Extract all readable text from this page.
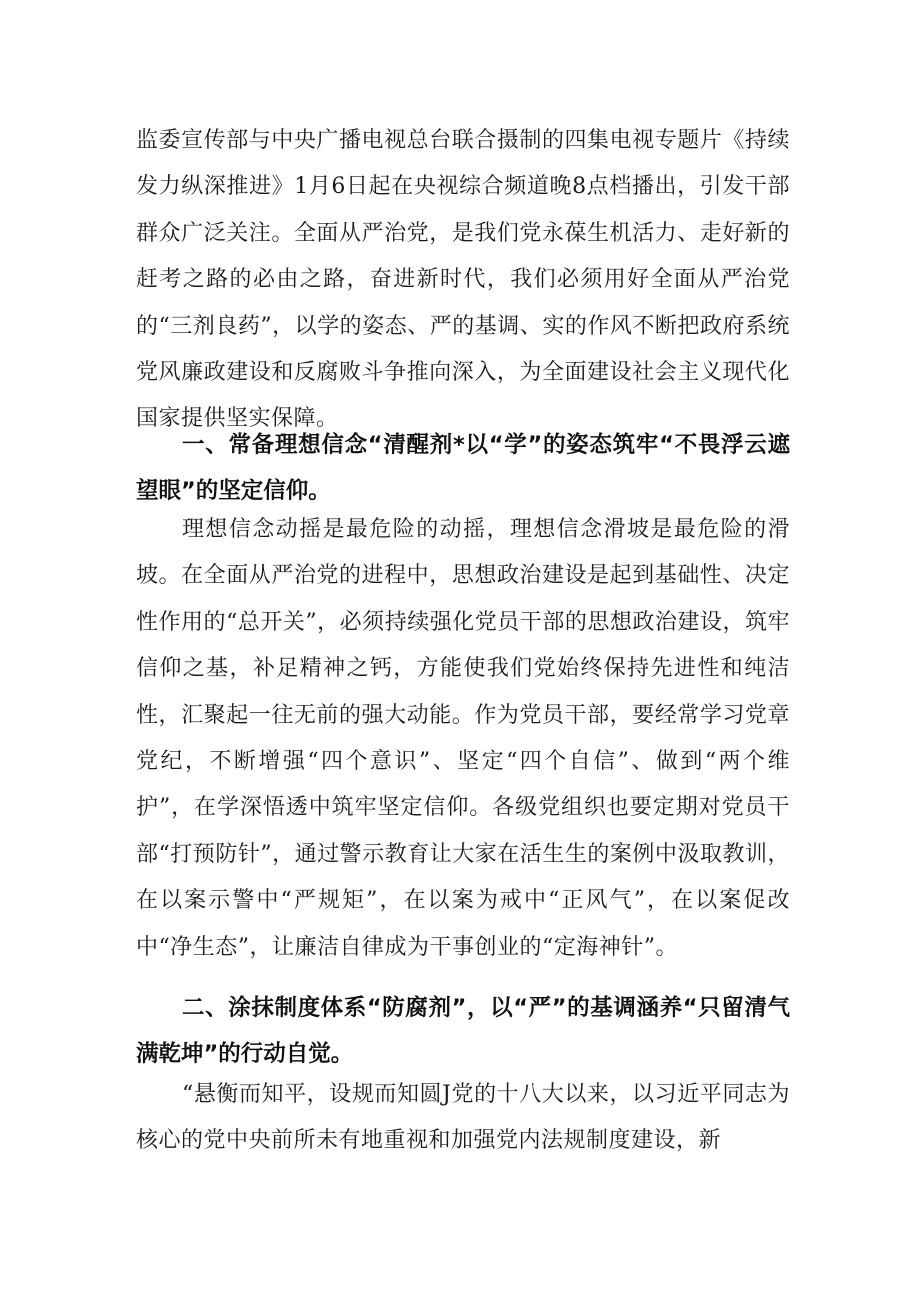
监委宣传部与中央广播电视总台联合摄制的四集电视专题片《持续发力纵深推进》1月6日起在央视综合频道晚8点档播出，引发干部群众广泛关注。全面从严治党，是我们党永葆生机活力、走好新的赶考之路的必由之路，奋进新时代，我们必须用好全面从严治党的“三剂良药”，以学的姿态、严的基调、实的作风不断把政府系统党风廉政建设和反腐败斗争推向深入，为全面建设社会主义现代化国家提供坚实保障。

一、常备理想信念“清醒剂*以“学”的姿态筑牢“不畏浮云遮望眼”的坚定信仰。

理想信念动摇是最危险的动摇，理想信念滑坡是最危险的滑坡。在全面从严治党的进程中，思想政治建设是起到基础性、决定性作用的“总开关”，必须持续强化党员干部的思想政治建设，筑牢信仰之基，补足精神之钙，方能使我们党始终保持先进性和纯洁性，汇聚起一往无前的强大动能。作为党员干部，要经常学习党章党纪，不断增强“四个意识”、坚定“四个自信”、做到“两个维护”，在学深悟透中筑牢坚定信仰。各级党组织也要定期对党员干部“打预防针”，通过警示教育让大家在活生生的案例中汲取教训，在以案示警中“严规矩”，在以案为戒中“正风气”，在以案促改中“净生态”，让廉洁自律成为干事创业的“定海神针”。

二、涂抹制度体系“防腐剂”，以“严”的基调涵养“只留清气满乾坤”的行动自觉。

“悬衡而知平，设规而知圆J党的十八大以来，以习近平同志为核心的党中央前所未有地重视和加强党内法规制度建设，新
